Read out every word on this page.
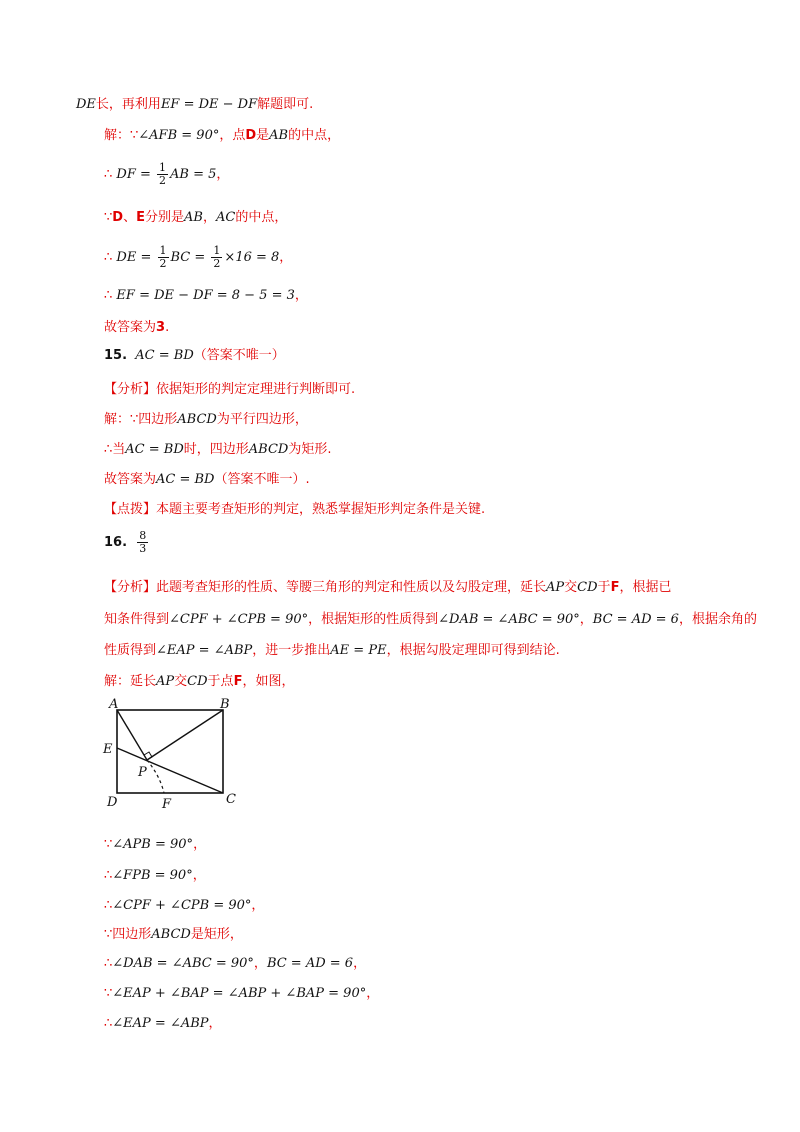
DE长，再利用EF = DE − DF解题即可.
解：∵∠AFB = 90°，点D是AB的中点，
∴ DF = $\frac{1}{2}$ AB = 5，
∵D、E分别是AB，AC的中点，
∴ DE = $\frac{1}{2}$ BC = $\frac{1}{2} \times 16 = 8$，
∴ EF = DE − DF = 8 − 5 = 3，
故答案为3.
15. AC = BD（答案不唯一）
【分析】依据矩形的判定定理进行判断即可.
解：∵四边形ABCD为平行四边形，
∴当AC = BD时，四边形ABCD为矩形.
故答案为AC = BD（答案不唯一）.
【点拨】本题主要考查矩形的判定，熟悉掌握矩形判定条件是关键.
16. $\frac{8}{3}$
【分析】此题考查矩形的性质、等腰三角形的判定和性质以及勾股定理，延长AP交CD于F，根据已
知条件得到∠CPF + ∠CPB = 90°，根据矩形的性质得到∠DAB = ∠ABC = 90°，BC = AD = 6，根据余角的
性质得到∠EAP = ∠ABP，进一步推出AE = PE，根据勾股定理即可得到结论.
解：延长AP交CD于点F，如图，
A	B
C
D
E
F
P
∵∠APB = 90°，
∴∠FPB = 90°，
∴∠CPF + ∠CPB = 90°，
∵四边形ABCD是矩形，
∴∠DAB = ∠ABC = 90°，BC = AD = 6，
∵∠EAP + ∠BAP = ∠ABP + ∠BAP = 90°，
∴∠EAP = ∠ABP，
